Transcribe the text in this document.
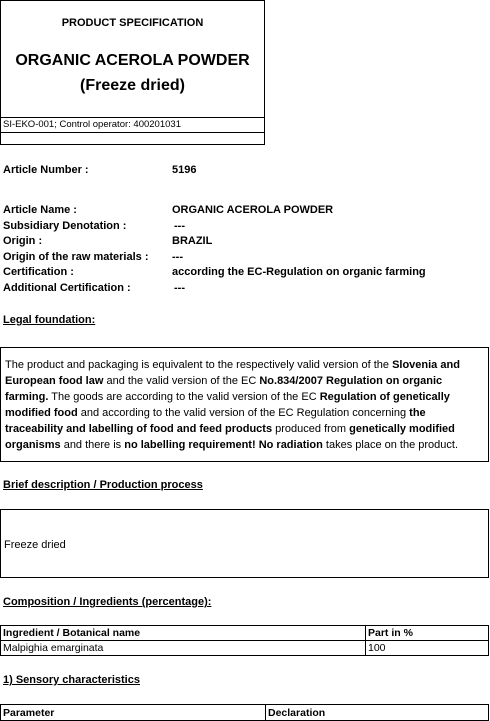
PRODUCT SPECIFICATION
ORGANIC ACEROLA POWDER
(Freeze dried)
SI-EKO-001; Control operator: 400201031
Article Number :	5196
Article Name :	ORGANIC ACEROLA POWDER
Subsidiary Denotation :	---
Origin :	BRAZIL
Origin of the raw materials : ---
Certification :	according the EC-Regulation on organic farming
Additional Certification :	---
Legal foundation:
The product and packaging is equivalent to the respectively valid version of the Slovenia and European food law and the valid version of the EC No.834/2007 Regulation on organic farming. The goods are according to the valid version of the EC Regulation of genetically modified food and according to the valid version of the EC Regulation concerning the traceability and labelling of food and feed products produced from genetically modified organisms and there is no labelling requirement! No radiation takes place on the product.
Brief description / Production process
Freeze dried
Composition / Ingredients (percentage):
Ingredient / Botanical name	Part in %
Malpighia emarginata	100
1) Sensory characteristics
Parameter	Declaration
